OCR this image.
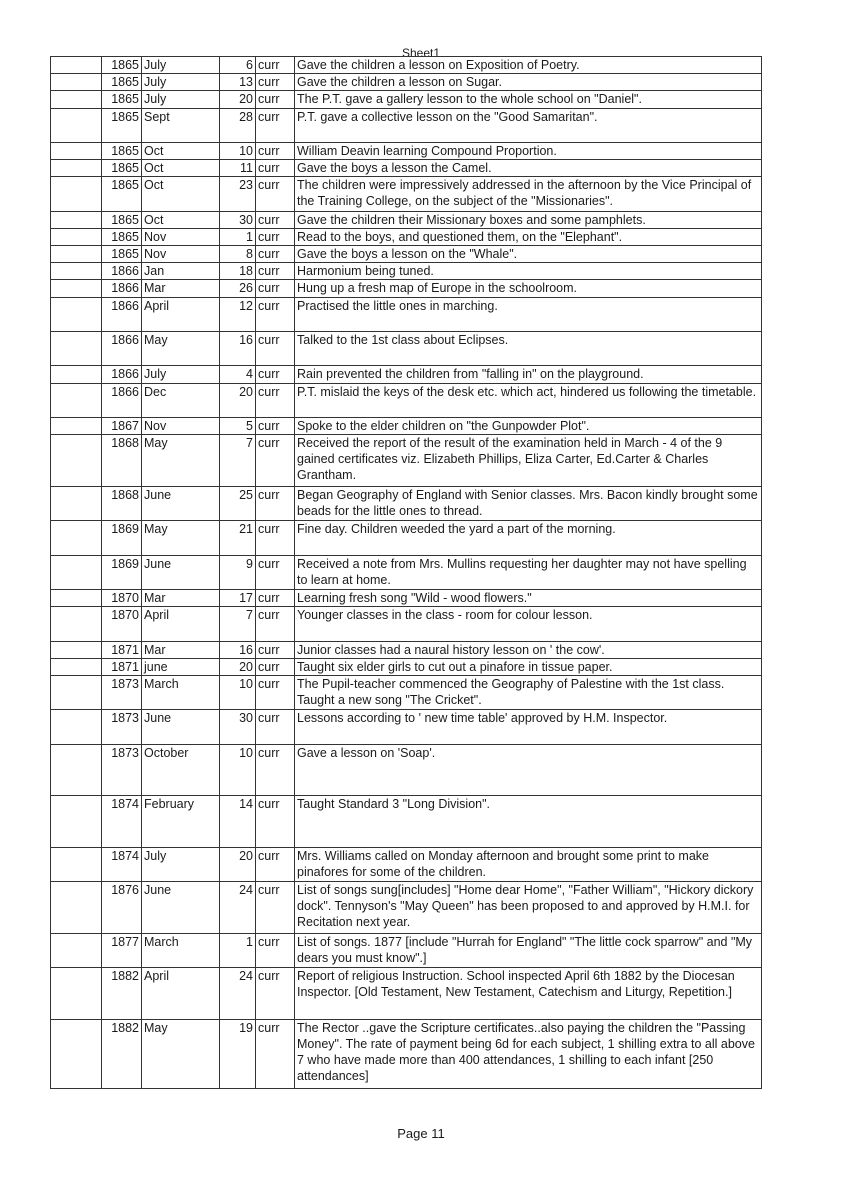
Sheet1
	1865	July	6	curr	Gave the children a lesson on Exposition of Poetry.
	1865	July	13	curr	Gave the children a lesson on Sugar.
	1865	July	20	curr	The P.T. gave a gallery lesson to the whole school on "Daniel".
	1865	Sept	28	curr	P.T. gave a collective lesson on the "Good Samaritan".
	1865	Oct	10	curr	William Deavin learning Compound Proportion.
	1865	Oct	11	curr	Gave the boys a lesson the Camel.
	1865	Oct	23	curr	The children were impressively addressed in the afternoon by the Vice Principal of the Training College, on the subject of the "Missionaries".
	1865	Oct	30	curr	Gave the children their Missionary boxes and some pamphlets.
	1865	Nov	1	curr	Read to the boys, and questioned them, on the "Elephant".
	1865	Nov	8	curr	Gave the boys a lesson on the "Whale".
	1866	Jan	18	curr	Harmonium being tuned.
	1866	Mar	26	curr	Hung up a fresh map of Europe in the schoolroom.
	1866	April	12	curr	Practised the little ones in marching.
	1866	May	16	curr	Talked to the 1st class about Eclipses.
	1866	July	4	curr	Rain prevented the children from "falling in" on the playground.
	1866	Dec	20	curr	P.T. mislaid the keys of the desk etc. which act, hindered us following the timetable.
	1867	Nov	5	curr	Spoke to the elder children on "the Gunpowder Plot".
	1868	May	7	curr	Received the report of the result of the examination held in March - 4 of the 9 gained certificates viz. Elizabeth Phillips, Eliza Carter, Ed.Carter & Charles Grantham.
	1868	June	25	curr	Began Geography of England with Senior classes. Mrs. Bacon kindly brought some beads for the little ones to thread.
	1869	May	21	curr	Fine day. Children weeded the yard a part of the morning.
	1869	June	9	curr	Received a note from Mrs. Mullins requesting her daughter may not have spelling to learn at home.
	1870	Mar	17	curr	Learning fresh song "Wild - wood flowers."
	1870	April	7	curr	Younger classes in the class - room for colour lesson.
	1871	Mar	16	curr	Junior classes had a naural history lesson on ' the cow'.
	1871	june	20	curr	Taught six elder girls to cut out a pinafore in tissue paper.
	1873	March	10	curr	The Pupil-teacher commenced the Geography of Palestine with the 1st class. Taught a new song "The Cricket".
	1873	June	30	curr	Lessons according to ' new time table' approved by H.M. Inspector.
	1873	October	10	curr	Gave a lesson on 'Soap'.
	1874	February	14	curr	Taught Standard 3 "Long Division".
	1874	July	20	curr	Mrs. Williams called on Monday afternoon and brought some print to make pinafores for some of the children.
	1876	June	24	curr	List of songs sung[includes] "Home dear Home", "Father William", "Hickory dickory dock". Tennyson's "May Queen" has been proposed to and approved by H.M.I. for Recitation next year.
	1877	March	1	curr	List of songs. 1877 [include "Hurrah for England" "The little cock sparrow" and "My dears you must know".]
	1882	April	24	curr	Report of religious Instruction. School inspected April 6th 1882 by the Diocesan Inspector. [Old Testament, New Testament, Catechism and Liturgy, Repetition.]
	1882	May	19	curr	The Rector ..gave the Scripture certificates..also paying the children the "Passing Money". The rate of payment being 6d for each subject, 1 shilling extra to all above 7 who have made more than 400 attendances, 1 shilling to each infant [250 attendances]
Page 11
